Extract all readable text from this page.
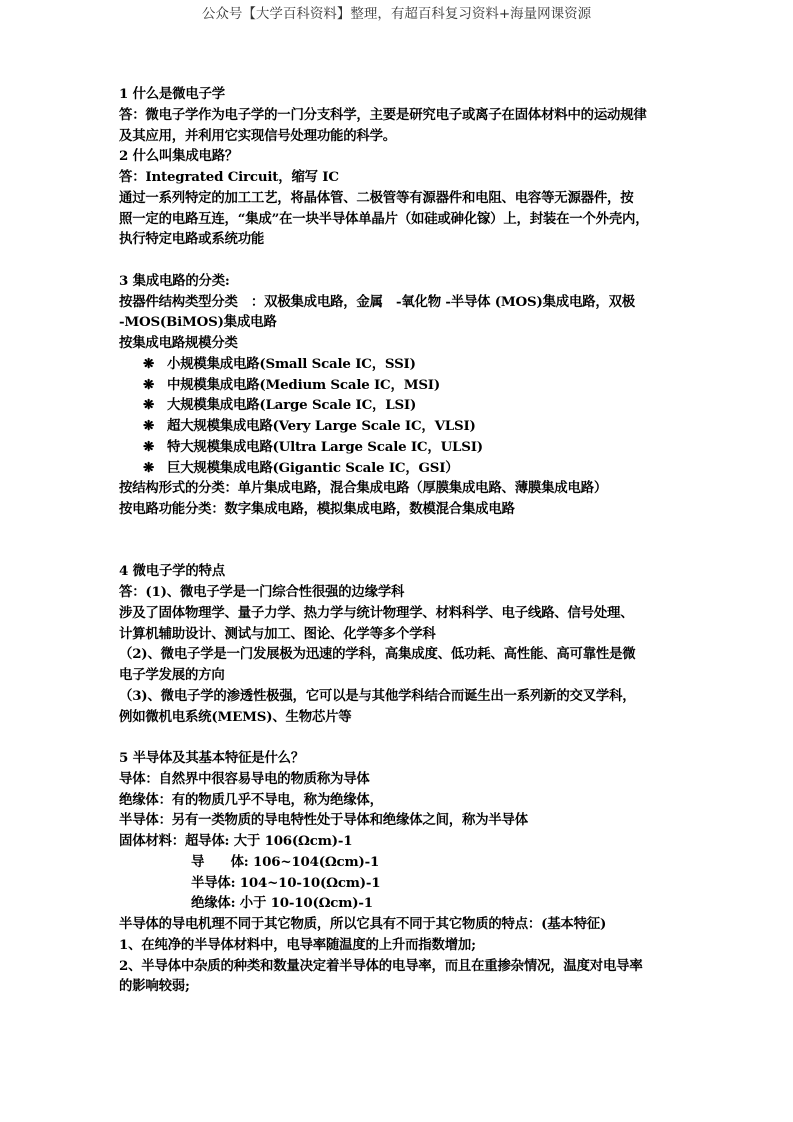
公众号【大学百科资料】整理，有超百科复习资料+海量网课资源
1 什么是微电子学
答：微电子学作为电子学的一门分支科学，主要是研究电子或离子在固体材料中的运动规律
及其应用，并利用它实现信号处理功能的科学。
2 什么叫集成电路？
答：Integrated Circuit，缩写 IC
通过一系列特定的加工工艺，将晶体管、二极管等有源器件和电阻、电容等无源器件，按
照一定的电路互连，“集成”在一块半导体单晶片（如硅或砷化镓）上，封装在一个外壳内，
执行特定电路或系统功能
3 集成电路的分类:
按器件结构类型分类　：双极集成电路，金属　-氧化物 -半导体 (MOS)集成电路，双极
-MOS(BiMOS)集成电路
按集成电路规模分类
❋ 小规模集成电路(Small Scale IC，SSI)
❋ 中规模集成电路(Medium Scale IC，MSI)
❋ 大规模集成电路(Large Scale IC，LSI)
❋ 超大规模集成电路(Very Large Scale IC，VLSI)
❋ 特大规模集成电路(Ultra Large Scale IC，ULSI)
❋ 巨大规模集成电路(Gigantic Scale IC，GSI）
按结构形式的分类：单片集成电路，混合集成电路（厚膜集成电路、薄膜集成电路）
按电路功能分类：数字集成电路，模拟集成电路，数模混合集成电路
4 微电子学的特点
答：(1)、微电子学是一门综合性很强的边缘学科
涉及了固体物理学、量子力学、热力学与统计物理学、材料科学、电子线路、信号处理、
计算机辅助设计、测试与加工、图论、化学等多个学科
（2)、微电子学是一门发展极为迅速的学科，高集成度、低功耗、高性能、高可靠性是微
电子学发展的方向
（3)、微电子学的渗透性极强，它可以是与其他学科结合而诞生出一系列新的交叉学科，
例如微机电系统(MEMS)、生物芯片等
5 半导体及其基本特征是什么？
导体：自然界中很容易导电的物质称为导体
绝缘体：有的物质几乎不导电，称为绝缘体，
半导体：另有一类物质的导电特性处于导体和绝缘体之间，称为半导体
固体材料：超导体: 大于 106(Ωcm)-1
导　　体: 106~104(Ωcm)-1
半导体: 104~10-10(Ωcm)-1
绝缘体: 小于 10-10(Ωcm)-1
半导体的导电机理不同于其它物质，所以它具有不同于其它物质的特点：(基本特征)
1、在纯净的半导体材料中，电导率随温度的上升而指数增加;
2、半导体中杂质的种类和数量决定着半导体的电导率，而且在重掺杂情况，温度对电导率
的影响较弱;
